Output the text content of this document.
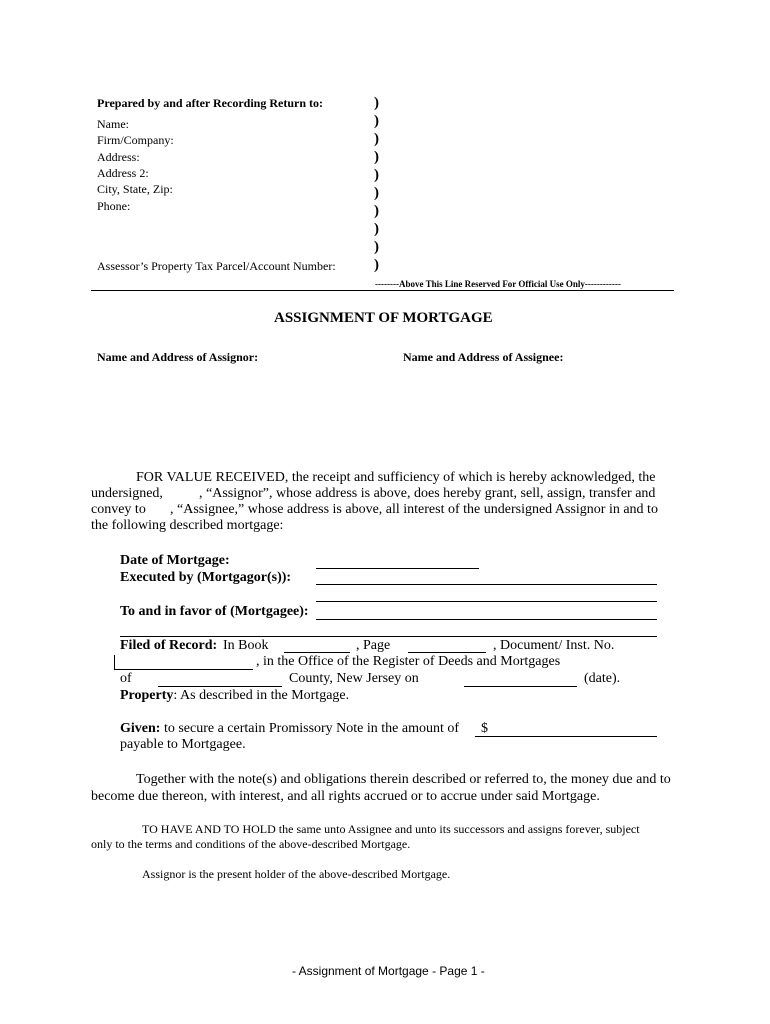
Prepared by and after Recording Return to:
Name:
Firm/Company:
Address:
Address 2:
City, State, Zip:
Phone:
Assessor’s Property Tax Parcel/Account Number:
)
)
)
)
)
)
)
)
)
)
--------Above This Line Reserved For Official Use Only------------
ASSIGNMENT OF MORTGAGE
Name and Address of Assignor:	Name and Address of Assignee:
FOR VALUE RECEIVED, the receipt and sufficiency of which is hereby acknowledged, the
undersigned,	, “Assignor”, whose address is above, does hereby grant, sell, assign, transfer and
convey to , “Assignee,” whose address is above, all interest of the undersigned Assignor in and to
the following described mortgage:
Date of Mortgage:
Executed by (Mortgagor(s)):
To and in favor of (Mortgagee):
Filed of Record: In Book	, Page	, Document/ Inst. No.
, in the Office of the Register of Deeds and Mortgages
of	County, New Jersey on	(date).
Property: As described in the Mortgage.
Given: to secure a certain Promissory Note in the amount of $
payable to Mortgagee.
Together with the note(s) and obligations therein described or referred to, the money due and to
become due thereon, with interest, and all rights accrued or to accrue under said Mortgage.
TO HAVE AND TO HOLD the same unto Assignee and unto its successors and assigns forever, subject
only to the terms and conditions of the above-described Mortgage.
Assignor is the present holder of the above-described Mortgage.
- Assignment of Mortgage - Page 1 -
